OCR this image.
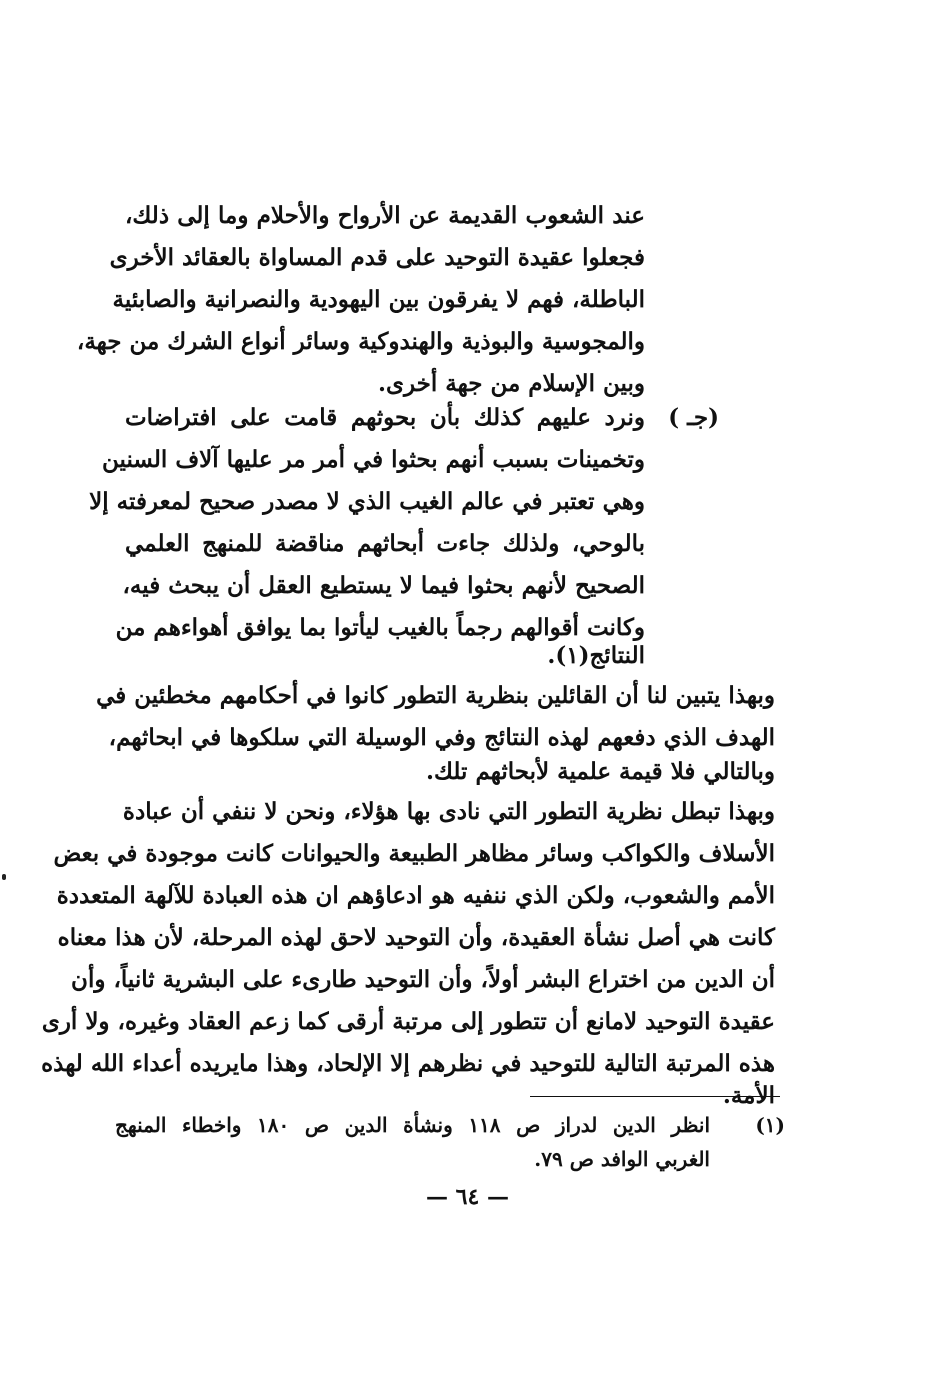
عند الشعوب القديمة عن الأرواح والأحلام وما إلى ذلك،
فجعلوا عقيدة التوحيد على قدم المساواة بالعقائد الأخرى
الباطلة، فهم لا يفرقون بين اليهودية والنصرانية والصابئية
والمجوسية والبوذية والهندوكية وسائر أنواع الشرك من جهة،
وبين الإسلام من جهة أخرى.
(جـ )
ونرد عليهم كذلك بأن بحوثهم قامت على افتراضات
وتخمينات بسبب أنهم بحثوا في أمر مر عليها آلاف السنين
وهي تعتبر في عالم الغيب الذي لا مصدر صحيح لمعرفته إلا
بالوحي، ولذلك جاءت أبحاثهم مناقضة للمنهج العلمي
الصحيح لأنهم بحثوا فيما لا يستطيع العقل أن يبحث فيه،
وكانت أقوالهم رجماً بالغيب ليأتوا بما يوافق أهواءهم من
النتائج(١).
وبهذا يتبين لنا أن القائلين بنظرية التطور كانوا في أحكامهم مخطئين في
الهدف الذي دفعهم لهذه النتائج وفي الوسيلة التي سلكوها في ابحاثهم،
وبالتالي فلا قيمة علمية لأبحاثهم تلك.
وبهذا تبطل نظرية التطور التي نادى بها هؤلاء، ونحن لا ننفي أن عبادة
الأسلاف والكواكب وسائر مظاهر الطبيعة والحيوانات كانت موجودة في بعض
الأمم والشعوب، ولكن الذي ننفيه هو ادعاؤهم ان هذه العبادة للآلهة المتعددة
كانت هي أصل نشأة العقيدة، وأن التوحيد لاحق لهذه المرحلة، لأن هذا معناه
أن الدين من اختراع البشر أولاً، وأن التوحيد طارىء على البشرية ثانياً، وأن
عقيدة التوحيد لامانع أن تتطور إلى مرتبة أرقى كما زعم العقاد وغيره، ولا أرى
هذه المرتبة التالية للتوحيد في نظرهم إلا الإلحاد، وهذا مايريده أعداء الله لهذه
الأمة.
(١)
انظر الدين لدراز ص ١١٨ ونشأة الدين ص ١٨٠ واخطاء المنهج
الغربي الوافد ص ٧٩.
— ٦٤ —
